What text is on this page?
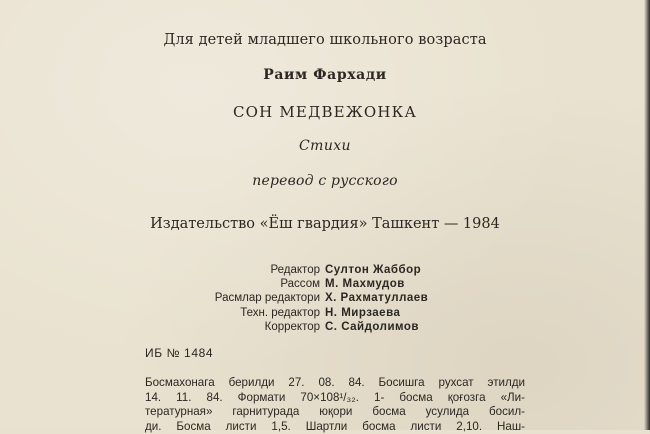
Для детей младшего школьного возраста

Раим Фархади

СОН МЕДВЕЖОНКА

Стихи

перевод с русского

Издательство «Ёш гвардия» Ташкент — 1984

Редактор Султон Жаббор
Рассом М. Махмудов
Расмлар редактори Х. Рахматуллаев
Техн. редактор Н. Мирзаева
Корректор С. Сайдолимов

ИБ № 1484

Босмахонага берилди 27. 08. 84. Босишга рухсат этилди
14. 11. 84. Формати 70×108¹/₃₂. 1- босма қоғозга «Ли-
тературная» гарнитурада юқори босма усулида босил-
ди. Босма листи 1,5. Шартли босма листи 2,10. Наш-
